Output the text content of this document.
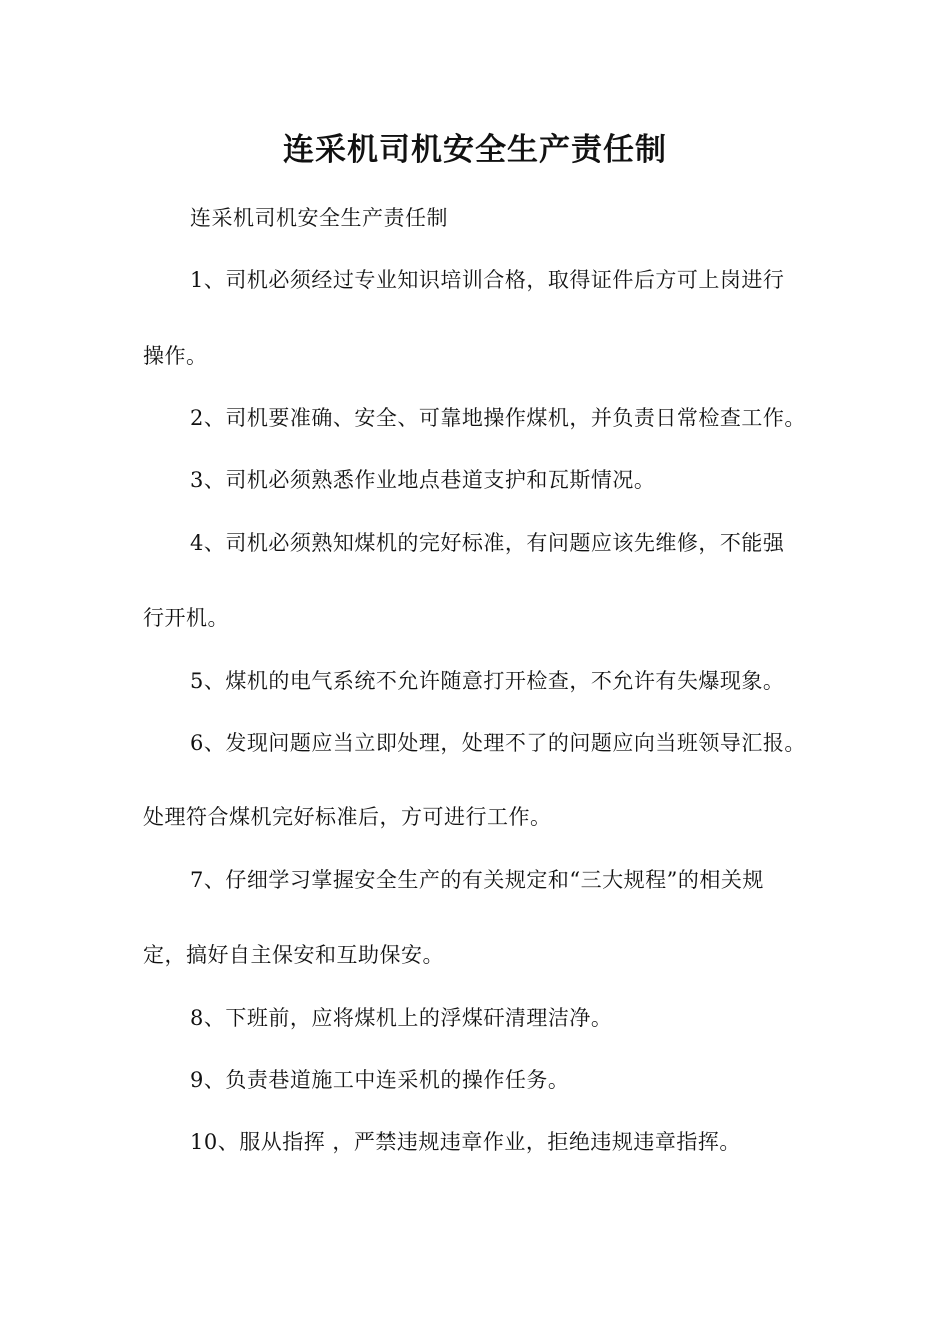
连采机司机安全生产责任制

连采机司机安全生产责任制

1、司机必须经过专业知识培训合格，取得证件后方可上岗进行

操作。

2、司机要准确、安全、可靠地操作煤机，并负责日常检查工作。

3、司机必须熟悉作业地点巷道支护和瓦斯情况。

4、司机必须熟知煤机的完好标准，有问题应该先维修，不能强

行开机。

5、煤机的电气系统不允许随意打开检查，不允许有失爆现象。

6、发现问题应当立即处理，处理不了的问题应向当班领导汇报。

处理符合煤机完好标准后，方可进行工作。

7、仔细学习掌握安全生产的有关规定和“三大规程”的相关规

定，搞好自主保安和互助保安。

8、下班前，应将煤机上的浮煤矸清理洁净。

9、负责巷道施工中连采机的操作任务。

10、服从指挥 ，严禁违规违章作业，拒绝违规违章指挥。
